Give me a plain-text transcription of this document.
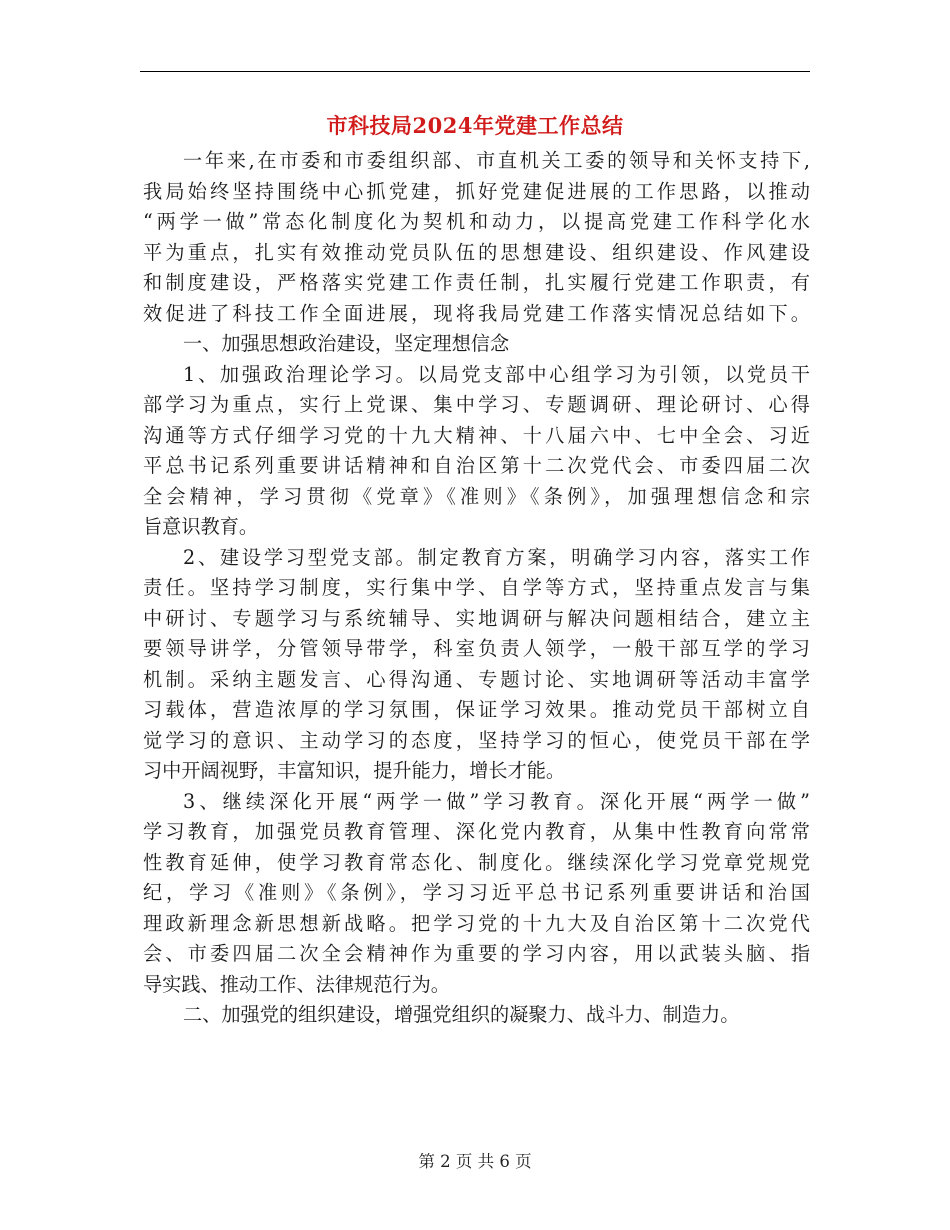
市科技局2024年党建工作总结
一年来,在市委和市委组织部、市直机关工委的领导和关怀支持下,
我局始终坚持围绕中心抓党建，抓好党建促进展的工作思路，以推动
“两学一做”常态化制度化为契机和动力，以提高党建工作科学化水
平为重点，扎实有效推动党员队伍的思想建设、组织建设、作风建设
和制度建设，严格落实党建工作责任制，扎实履行党建工作职责，有
效促进了科技工作全面进展，现将我局党建工作落实情况总结如下。
一、加强思想政治建设，坚定理想信念
1、加强政治理论学习。以局党支部中心组学习为引领，以党员干
部学习为重点，实行上党课、集中学习、专题调研、理论研讨、心得
沟通等方式仔细学习党的十九大精神、十八届六中、七中全会、习近
平总书记系列重要讲话精神和自治区第十二次党代会、市委四届二次
全会精神，学习贯彻《党章》《准则》《条例》，加强理想信念和宗
旨意识教育。
2、建设学习型党支部。制定教育方案，明确学习内容，落实工作
责任。坚持学习制度，实行集中学、自学等方式，坚持重点发言与集
中研讨、专题学习与系统辅导、实地调研与解决问题相结合，建立主
要领导讲学，分管领导带学，科室负责人领学，一般干部互学的学习
机制。采纳主题发言、心得沟通、专题讨论、实地调研等活动丰富学
习载体，营造浓厚的学习氛围，保证学习效果。推动党员干部树立自
觉学习的意识、主动学习的态度，坚持学习的恒心，使党员干部在学
习中开阔视野，丰富知识，提升能力，增长才能。
3、继续深化开展“两学一做”学习教育。深化开展“两学一做”
学习教育，加强党员教育管理、深化党内教育，从集中性教育向常常
性教育延伸，使学习教育常态化、制度化。继续深化学习党章党规党
纪，学习《准则》《条例》，学习习近平总书记系列重要讲话和治国
理政新理念新思想新战略。把学习党的十九大及自治区第十二次党代
会、市委四届二次全会精神作为重要的学习内容，用以武装头脑、指
导实践、推动工作、法律规范行为。
二、加强党的组织建设，增强党组织的凝聚力、战斗力、制造力。
第 2 页 共 6 页
